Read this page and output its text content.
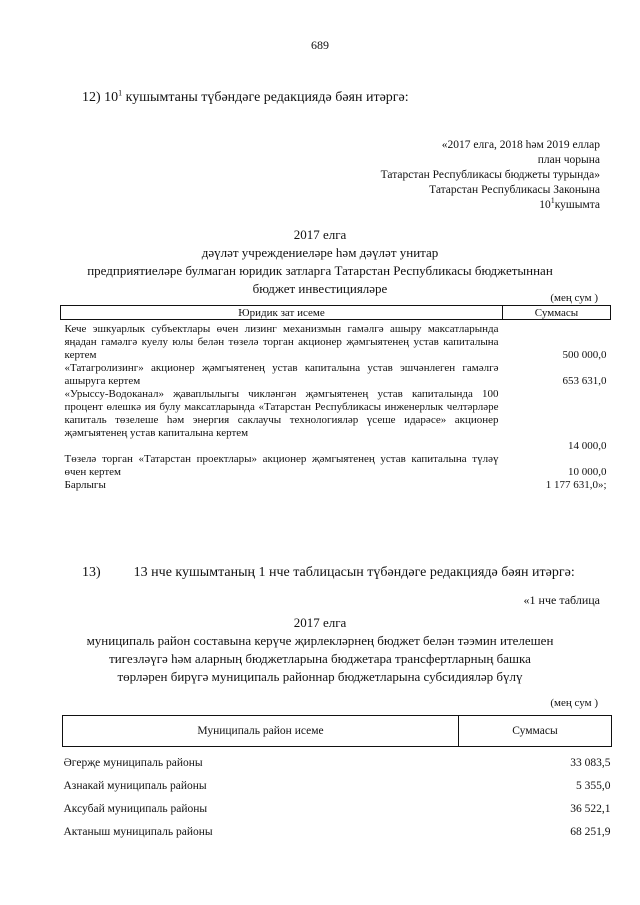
689
12) $10^1$ кушымтаны түбәндәге редакциядә бәян итәргә:
«2017 елга, 2018 һәм 2019 еллар
план чорына
Татарстан Республикасы бюджеты турында»
Татарстан Республикасы Законына
$10^1кушымта$
2017 елга
дәүләт учреждениеләре һәм дәүләт унитар
предприятиеләре булмаган юридик затларга Татарстан Республикасы бюджетыннан
бюджет инвестицияләре
(мең сум )
Юридик зат исеме	Суммасы
Кече эшкуарлык субъектлары өчен лизинг механизмын гамәлгә ашыру максатларында яңадан гамәлгә куелу юлы белән төзелә торган акционер җәмгыятенең устав капиталына кертем	500 000,0
«Татагролизинг» акционер җәмгыятенең устав капиталына устав эшчәнлеген гамәлгә ашыруга кертем	653 631,0
«Урыссу-Водоканал» җаваплылыгы чикләнгән җәмгыятенең устав капиталында 100 процент өлешкә ия булу максатларында «Татарстан Республикасы инженерлык челтәрләре капиталь төзелеше һәм энергия саклаучы технологияләр үсеше идарәсе» акционер җәмгыятенең устав капиталына кертем	14 000,0
Төзелә торган «Татарстан проектлары» акционер җәмгыятенең устав капиталына түләү өчен кертем	10 000,0
Барлыгы	1 177 631,0»;
13) 13 нче кушымтаның 1 нче таблицасын түбәндәге редакциядә бәян итәргә:
«1 нче таблица
2017 елга
муниципаль район составына керүче җирлекләрнең бюджет белән тәэмин ителешен
тигезләүгә һәм аларның бюджетларына бюджетара трансфертларның башка
төрләрен бирүгә муниципаль районнар бюджетларына субсидияләр бүлү
(мең сум )
Муниципаль район исеме	Суммасы
Әгерҗе муниципаль районы	33 083,5
Азнакай муниципаль районы	5 355,0
Аксубай муниципаль районы	36 522,1
Актаныш муниципаль районы	68 251,9
